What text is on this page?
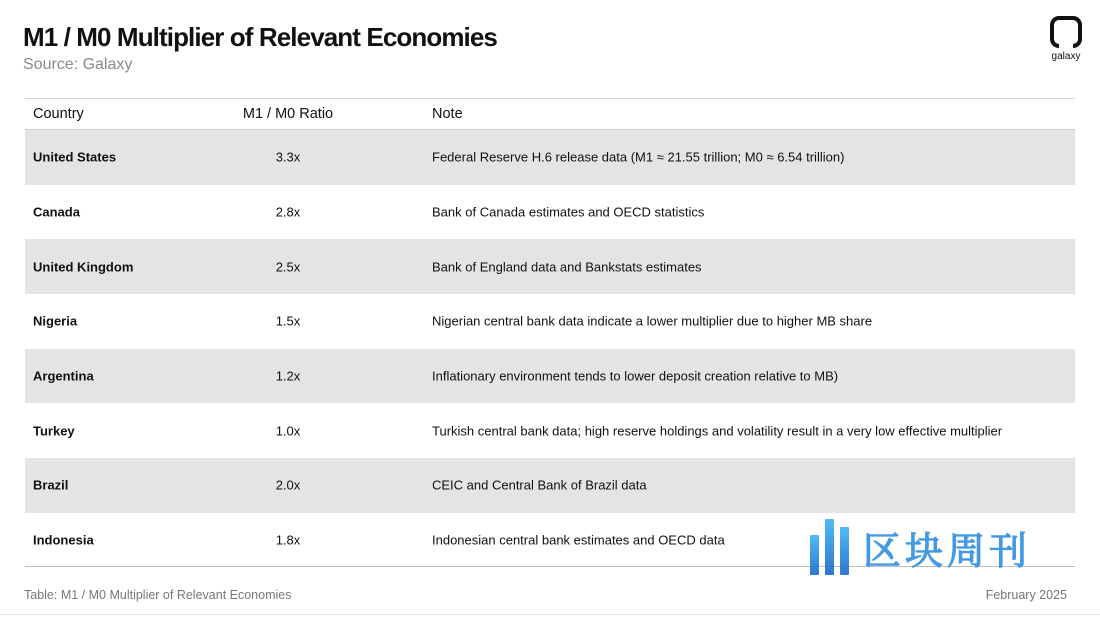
M1 / M0 Multiplier of Relevant Economies
Source: Galaxy	galaxy
Country	M1 / M0 Ratio	Note
United States	3.3x	Federal Reserve H.6 release data (M1 ≈ 21.55 trillion; M0 ≈ 6.54 trillion)
Canada	2.8x	Bank of Canada estimates and OECD statistics
United Kingdom	2.5x	Bank of England data and Bankstats estimates
Nigeria	1.5x	Nigerian central bank data indicate a lower multiplier due to higher MB share
Argentina	1.2x	Inflationary environment tends to lower deposit creation relative to MB)
Turkey	1.0x	Turkish central bank data; high reserve holdings and volatility result in a very low effective multiplier
Brazil	2.0x	CEIC and Central Bank of Brazil data
Indonesia	1.8x	Indonesian central bank estimates and OECD data
Table: M1 / M0 Multiplier of Relevant Economies	February 2025
区块周刊
